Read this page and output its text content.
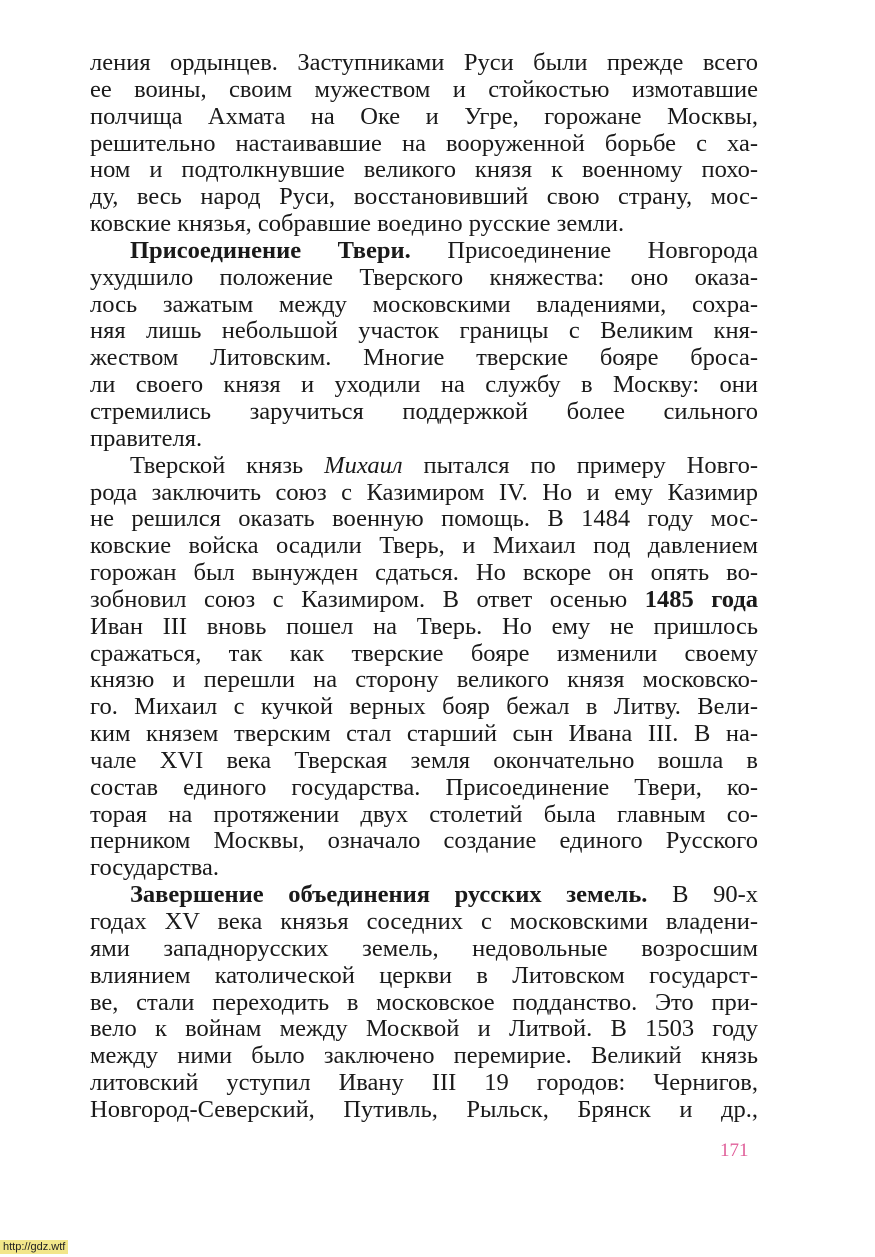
ления ордынцев. Заступниками Руси были прежде всего
ее воины, своим мужеством и стойкостью измотавшие
полчища Ахмата на Оке и Угре, горожане Москвы,
решительно настаивавшие на вооруженной борьбе с ха-
ном и подтолкнувшие великого князя к военному похо-
ду, весь народ Руси, восстановивший свою страну, мос-
ковские князья, собравшие воедино русские земли.
Присоединение Твери. Присоединение Новгорода
ухудшило положение Тверского княжества: оно оказа-
лось зажатым между московскими владениями, сохра-
няя лишь небольшой участок границы с Великим кня-
жеством Литовским. Многие тверские бояре броса-
ли своего князя и уходили на службу в Москву: они
стремились заручиться поддержкой более сильного
правителя.
Тверской князь Михаил пытался по примеру Новго-
рода заключить союз с Казимиром IV. Но и ему Казимир
не решился оказать военную помощь. В 1484 году мос-
ковские войска осадили Тверь, и Михаил под давлением
горожан был вынужден сдаться. Но вскоре он опять во-
зобновил союз с Казимиром. В ответ осенью 1485 года
Иван III вновь пошел на Тверь. Но ему не пришлось
сражаться, так как тверские бояре изменили своему
князю и перешли на сторону великого князя московско-
го. Михаил с кучкой верных бояр бежал в Литву. Вели-
ким князем тверским стал старший сын Ивана III. В на-
чале XVI века Тверская земля окончательно вошла в
состав единого государства. Присоединение Твери, ко-
торая на протяжении двух столетий была главным со-
перником Москвы, означало создание единого Русского
государства.
Завершение объединения русских земель. В 90-х
годах XV века князья соседних с московскими владени-
ями западнорусских земель, недовольные возросшим
влиянием католической церкви в Литовском государст-
ве, стали переходить в московское подданство. Это при-
вело к войнам между Москвой и Литвой. В 1503 году
между ними было заключено перемирие. Великий князь
литовский уступил Ивану III 19 городов: Чернигов,
Новгород-Северский, Путивль, Рыльск, Брянск и др.,
171
http://gdz.wtf
